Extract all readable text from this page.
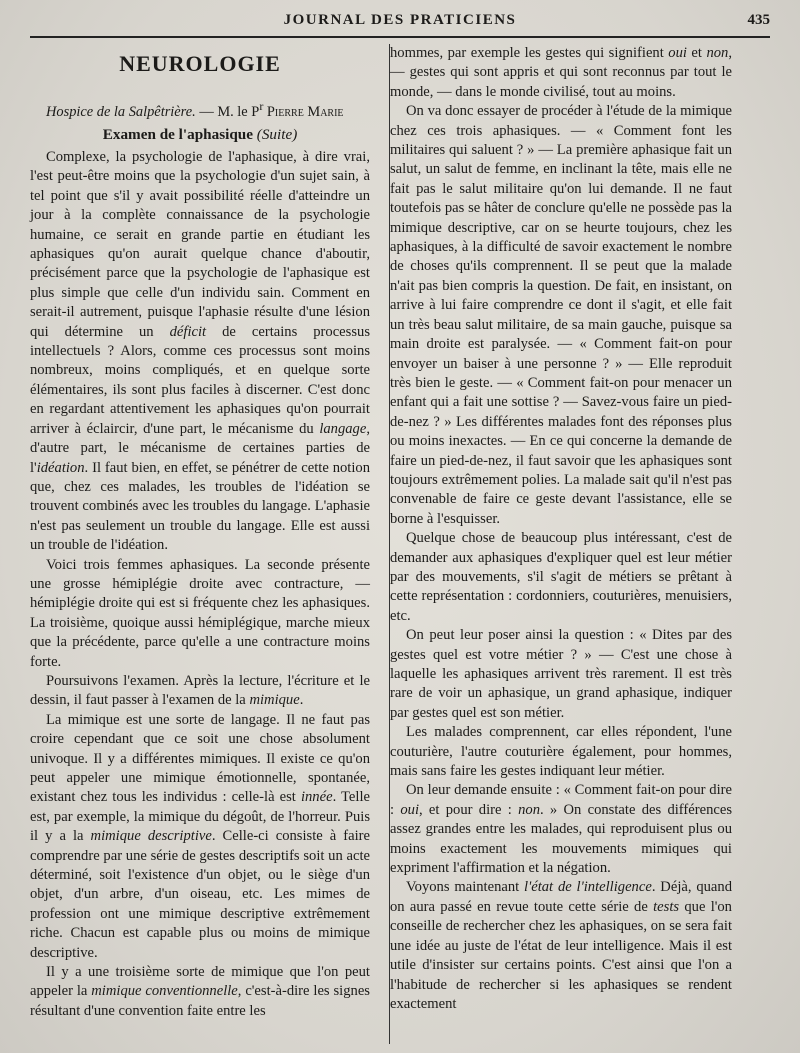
JOURNAL DES PRATICIENS	435
NEUROLOGIE

Hospice de la Salpêtrière. — M. le $P^r$ Pierre Marie

Examen de l'aphasique (Suite)

Complexe, la psychologie de l'aphasique, à dire vrai, l'est peut-être moins que la psychologie d'un sujet sain, à tel point que s'il y avait possibilité réelle d'atteindre un jour à la complète connaissance de la psychologie humaine, ce serait en grande partie en étudiant les aphasiques qu'on aurait quelque chance d'aboutir, précisément parce que la psychologie de l'aphasique est plus simple que celle d'un individu sain. Comment en serait-il autrement, puisque l'aphasie résulte d'une lésion qui détermine un déficit de certains processus intellectuels ? Alors, comme ces processus sont moins nombreux, moins compliqués, et en quelque sorte élémentaires, ils sont plus faciles à discerner. C'est donc en regardant attentivement les aphasiques qu'on pourrait arriver à éclaircir, d'une part, le mécanisme du langage, d'autre part, le mécanisme de certaines parties de l'idéation. Il faut bien, en effet, se pénétrer de cette notion que, chez ces malades, les troubles de l'idéation se trouvent combinés avec les troubles du langage. L'aphasie n'est pas seulement un trouble du langage. Elle est aussi un trouble de l'idéation.

Voici trois femmes aphasiques. La seconde présente une grosse hémiplégie droite avec contracture, — hémiplégie droite qui est si fréquente chez les aphasiques. La troisième, quoique aussi hémiplégique, marche mieux que la précédente, parce qu'elle a une contracture moins forte.

Poursuivons l'examen. Après la lecture, l'écriture et le dessin, il faut passer à l'examen de la mimique.

La mimique est une sorte de langage. Il ne faut pas croire cependant que ce soit une chose absolument univoque. Il y a différentes mimiques. Il existe ce qu'on peut appeler une mimique émotionnelle, spontanée, existant chez tous les individus : celle-là est innée. Telle est, par exemple, la mimique du dégoût, de l'horreur. Puis il y a la mimique descriptive. Celle-ci consiste à faire comprendre par une série de gestes descriptifs soit un acte déterminé, soit l'existence d'un objet, ou le siège d'un objet, d'un arbre, d'un oiseau, etc. Les mimes de profession ont une mimique descriptive extrêmement riche. Chacun est capable plus ou moins de mimique descriptive.

Il y a une troisième sorte de mimique que l'on peut appeler la mimique conventionnelle, c'est-à-dire les signes résultant d'une convention faite entre les

hommes, par exemple les gestes qui signifient oui et non, — gestes qui sont appris et qui sont reconnus par tout le monde, — dans le monde civilisé, tout au moins.

On va donc essayer de procéder à l'étude de la mimique chez ces trois aphasiques. — « Comment font les militaires qui saluent ? » — La première aphasique fait un salut, un salut de femme, en inclinant la tête, mais elle ne fait pas le salut militaire qu'on lui demande. Il ne faut toutefois pas se hâter de conclure qu'elle ne possède pas la mimique descriptive, car on se heurte toujours, chez les aphasiques, à la difficulté de savoir exactement le nombre de choses qu'ils comprennent. Il se peut que la malade n'ait pas bien compris la question. De fait, en insistant, on arrive à lui faire comprendre ce dont il s'agit, et elle fait un très beau salut militaire, de sa main gauche, puisque sa main droite est paralysée. — « Comment fait-on pour envoyer un baiser à une personne ? » — Elle reproduit très bien le geste. — « Comment fait-on pour menacer un enfant qui a fait une sottise ? — Savez-vous faire un pied-de-nez ? » Les différentes malades font des réponses plus ou moins inexactes. — En ce qui concerne la demande de faire un pied-de-nez, il faut savoir que les aphasiques sont toujours extrêmement polies. La malade sait qu'il n'est pas convenable de faire ce geste devant l'assistance, elle se borne à l'esquisser.

Quelque chose de beaucoup plus intéressant, c'est de demander aux aphasiques d'expliquer quel est leur métier par des mouvements, s'il s'agit de métiers se prêtant à cette représentation : cordonniers, couturières, menuisiers, etc.

On peut leur poser ainsi la question : « Dites par des gestes quel est votre métier ? » — C'est une chose à laquelle les aphasiques arrivent très rarement. Il est très rare de voir un aphasique, un grand aphasique, indiquer par gestes quel est son métier.

Les malades comprennent, car elles répondent, l'une couturière, l'autre couturière également, pour hommes, mais sans faire les gestes indiquant leur métier.

On leur demande ensuite : « Comment fait-on pour dire : oui, et pour dire : non. » On constate des différences assez grandes entre les malades, qui reproduisent plus ou moins exactement les mouvements mimiques qui expriment l'affirmation et la négation.

Voyons maintenant l'état de l'intelligence. Déjà, quand on aura passé en revue toute cette série de tests que l'on conseille de rechercher chez les aphasiques, on se sera fait une idée au juste de l'état de leur intelligence. Mais il est utile d'insister sur certains points. C'est ainsi que l'on a l'habitude de rechercher si les aphasiques se rendent exactement
